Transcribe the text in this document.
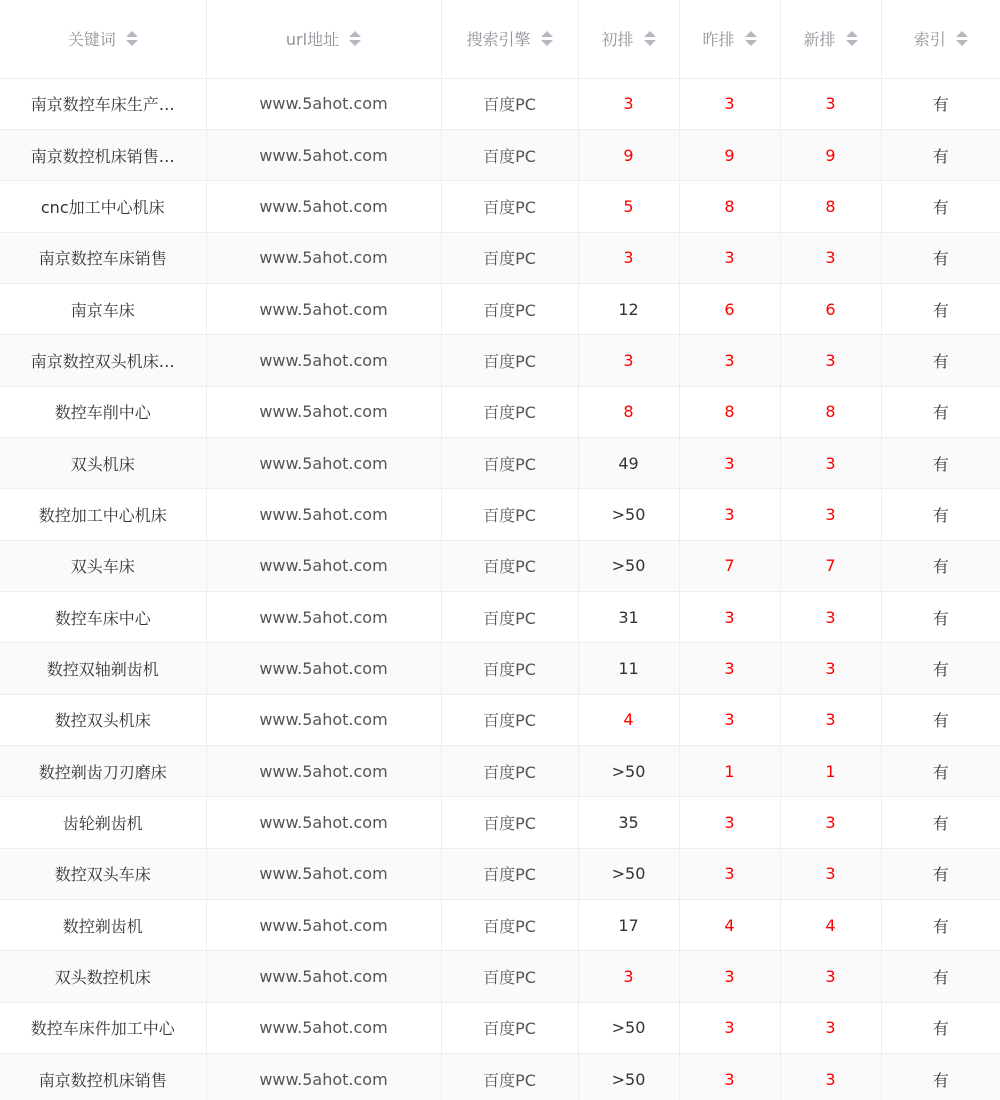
关键词	url地址	搜索引擎	初排	昨排	新排	索引

南京数控车床生产…	www.5ahot.com	百度PC	3	3	3	有
南京数控机床销售…	www.5ahot.com	百度PC	9	9	9	有
cnc加工中心机床	www.5ahot.com	百度PC	5	8	8	有
南京数控车床销售	www.5ahot.com	百度PC	3	3	3	有
南京车床	www.5ahot.com	百度PC	12	6	6	有
南京数控双头机床…	www.5ahot.com	百度PC	3	3	3	有
数控车削中心	www.5ahot.com	百度PC	8	8	8	有
双头机床	www.5ahot.com	百度PC	49	3	3	有
数控加工中心机床	www.5ahot.com	百度PC	>50	3	3	有
双头车床	www.5ahot.com	百度PC	>50	7	7	有
数控车床中心	www.5ahot.com	百度PC	31	3	3	有
数控双轴剃齿机	www.5ahot.com	百度PC	11	3	3	有
数控双头机床	www.5ahot.com	百度PC	4	3	3	有
数控剃齿刀刃磨床	www.5ahot.com	百度PC	>50	1	1	有
齿轮剃齿机	www.5ahot.com	百度PC	35	3	3	有
数控双头车床	www.5ahot.com	百度PC	>50	3	3	有
数控剃齿机	www.5ahot.com	百度PC	17	4	4	有
双头数控机床	www.5ahot.com	百度PC	3	3	3	有
数控车床件加工中心	www.5ahot.com	百度PC	>50	3	3	有
南京数控机床销售	www.5ahot.com	百度PC	>50	3	3	有
